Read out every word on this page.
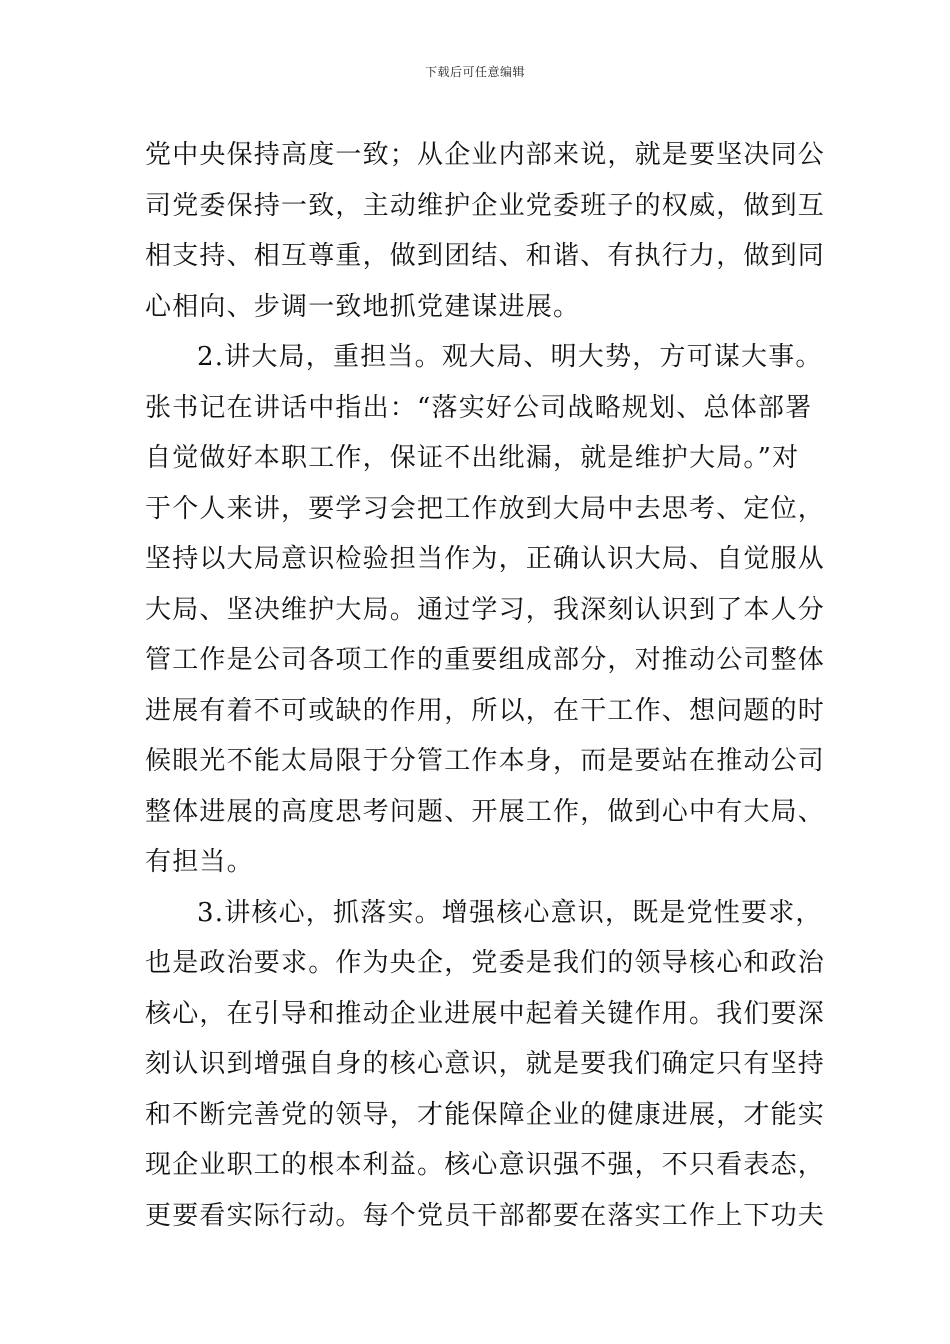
下载后可任意编辑
党中央保持高度一致；从企业内部来说，就是要坚决同公
司党委保持一致，主动维护企业党委班子的权威，做到互
相支持、相互尊重，做到团结、和谐、有执行力，做到同
心相向、步调一致地抓党建谋进展。
2.讲大局，重担当。观大局、明大势，方可谋大事。
张书记在讲话中指出：“落实好公司战略规划、总体部署
自觉做好本职工作，保证不出纰漏，就是维护大局。”对
于个人来讲，要学习会把工作放到大局中去思考、定位，
坚持以大局意识检验担当作为，正确认识大局、自觉服从
大局、坚决维护大局。通过学习，我深刻认识到了本人分
管工作是公司各项工作的重要组成部分，对推动公司整体
进展有着不可或缺的作用，所以，在干工作、想问题的时
候眼光不能太局限于分管工作本身，而是要站在推动公司
整体进展的高度思考问题、开展工作，做到心中有大局、
有担当。
3.讲核心，抓落实。增强核心意识，既是党性要求，
也是政治要求。作为央企，党委是我们的领导核心和政治
核心，在引导和推动企业进展中起着关键作用。我们要深
刻认识到增强自身的核心意识，就是要我们确定只有坚持
和不断完善党的领导，才能保障企业的健康进展，才能实
现企业职工的根本利益。核心意识强不强，不只看表态，
更要看实际行动。每个党员干部都要在落实工作上下功夫
